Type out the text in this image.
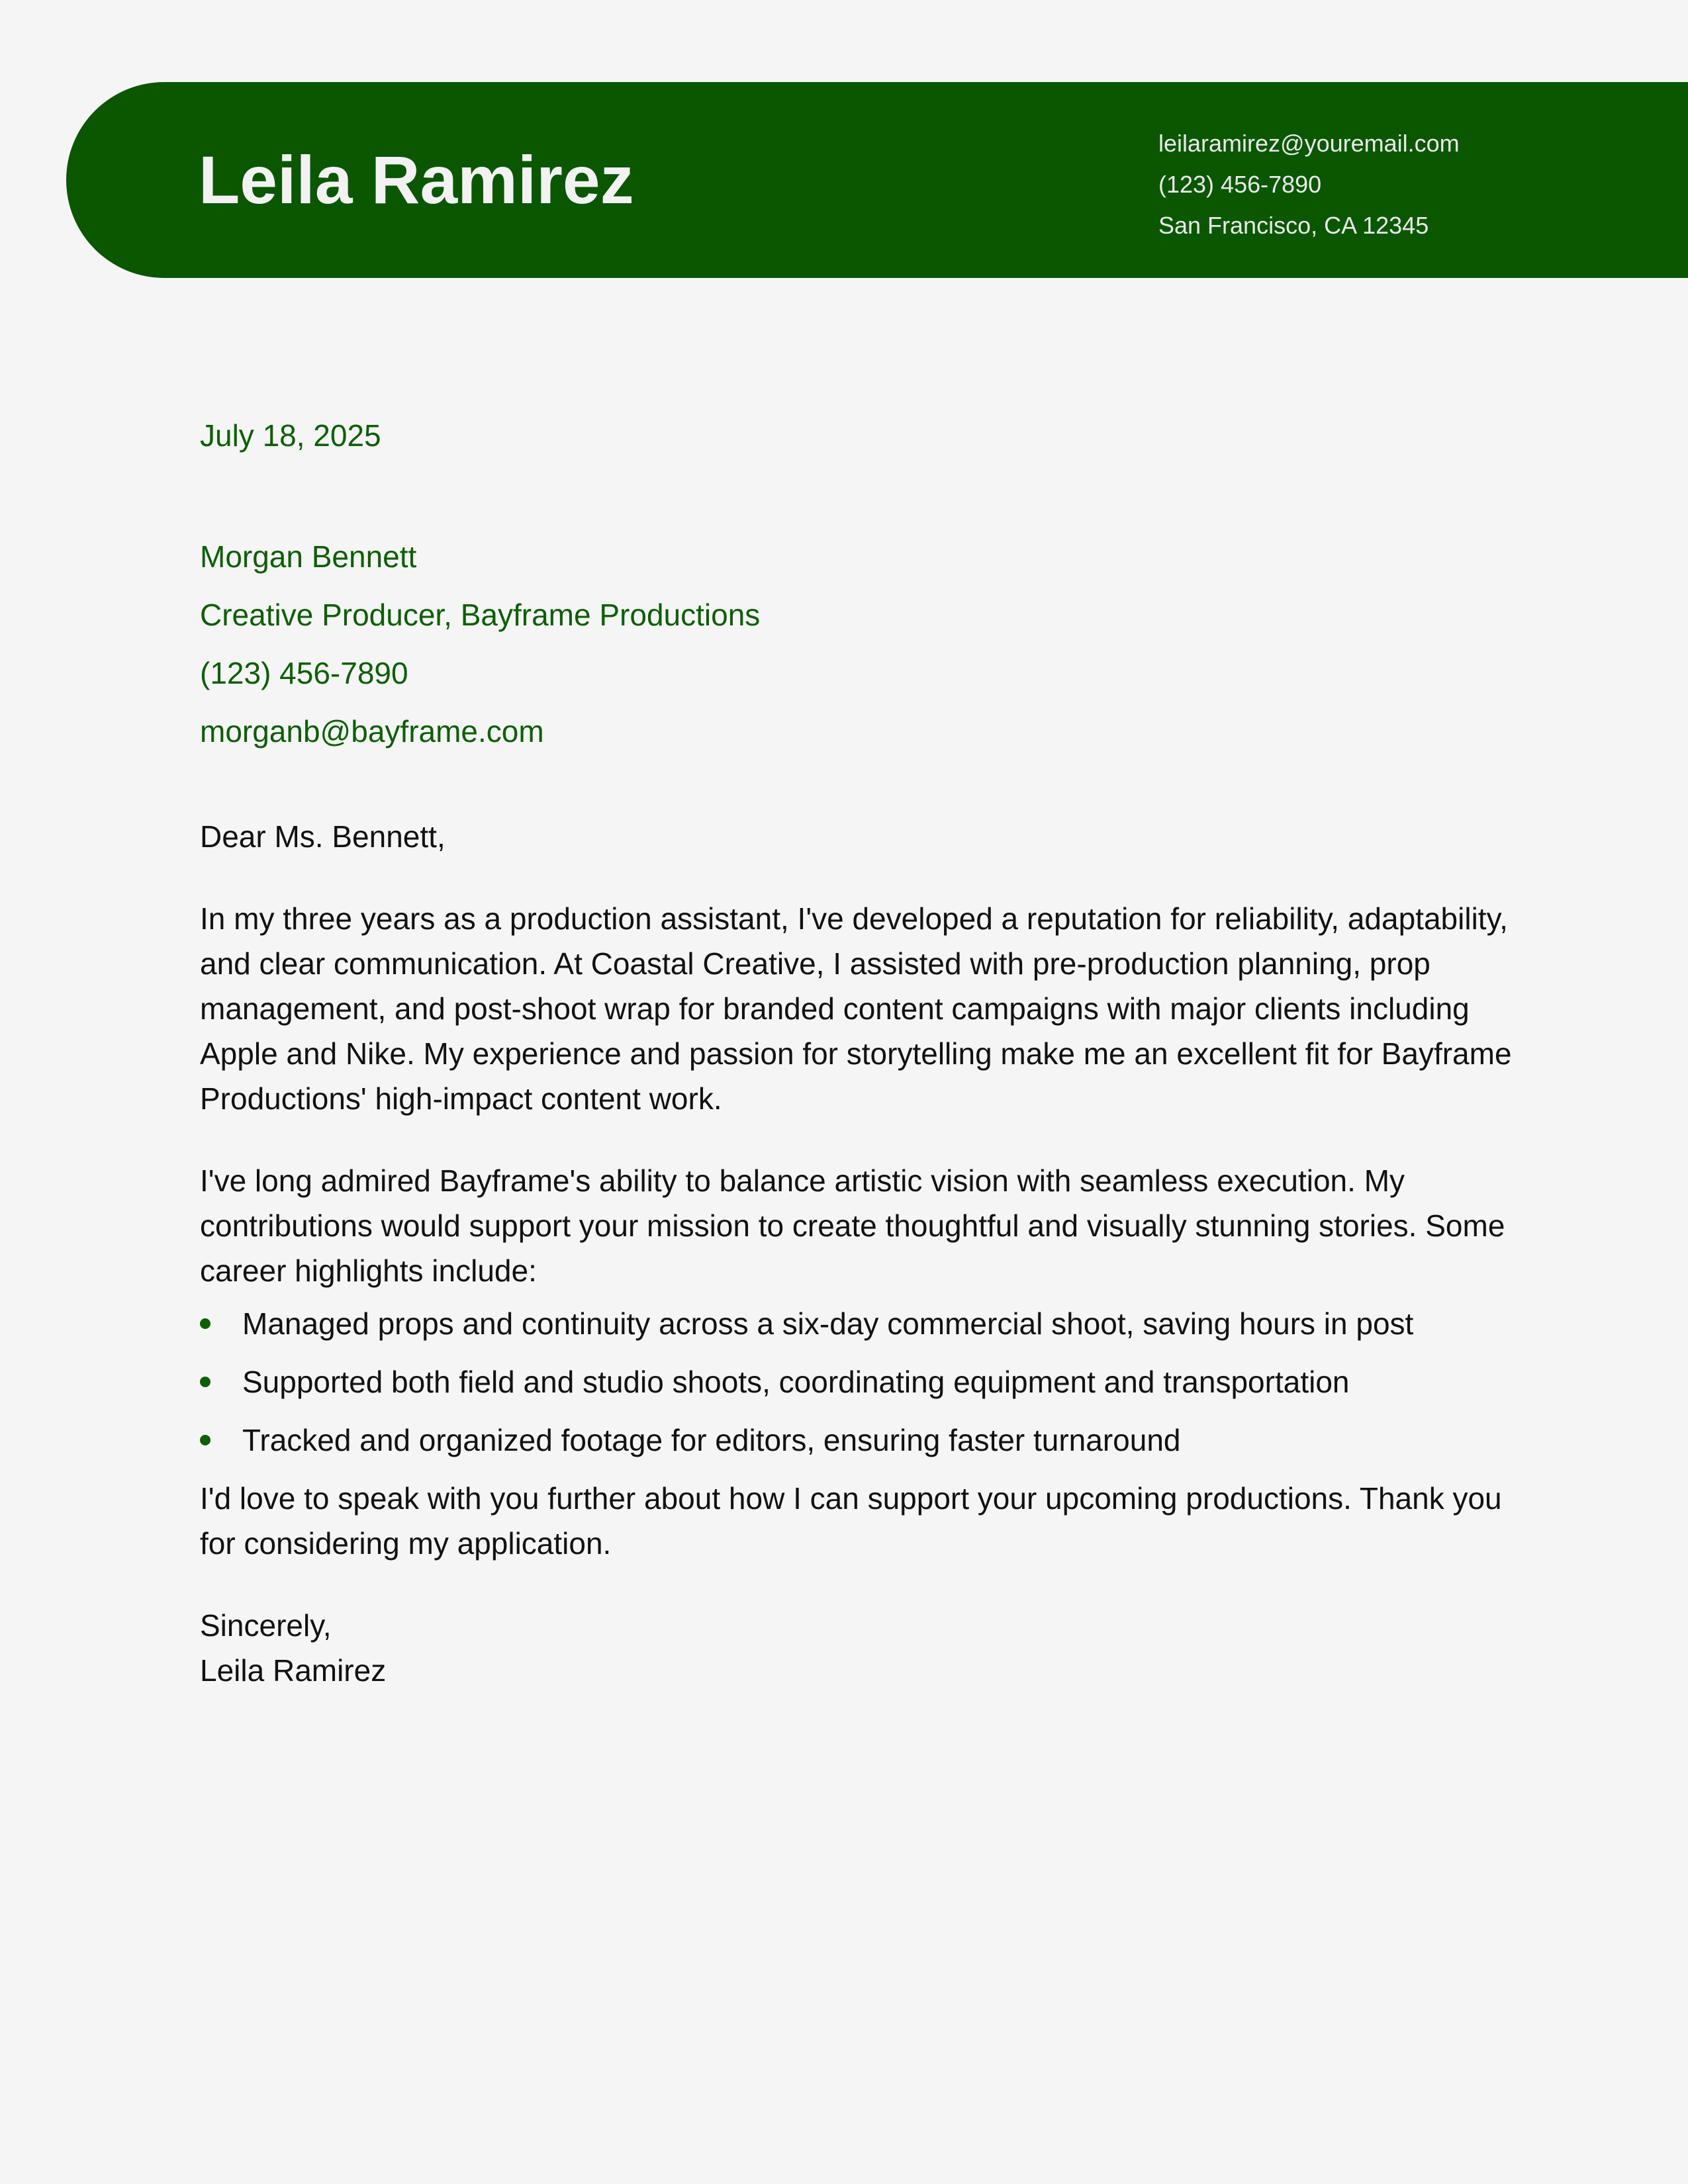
Leila Ramirez	leilaramirez@youremail.com
(123) 456-7890
San Francisco, CA 12345
July 18, 2025
Morgan Bennett
Creative Producer, Bayframe Productions
(123) 456-7890
morganb@bayframe.com

Dear Ms. Bennett,

In my three years as a production assistant, I've developed a reputation for reliability, adaptability, and clear communication. At Coastal Creative, I assisted with pre-production planning, prop management, and post-shoot wrap for branded content campaigns with major clients including Apple and Nike. My experience and passion for storytelling make me an excellent fit for Bayframe Productions' high-impact content work.

I've long admired Bayframe's ability to balance artistic vision with seamless execution. My contributions would support your mission to create thoughtful and visually stunning stories. Some career highlights include:

Managed props and continuity across a six-day commercial shoot, saving hours in post
Supported both field and studio shoots, coordinating equipment and transportation
Tracked and organized footage for editors, ensuring faster turnaround

I'd love to speak with you further about how I can support your upcoming productions. Thank you for considering my application.

Sincerely,

Leila Ramirez
